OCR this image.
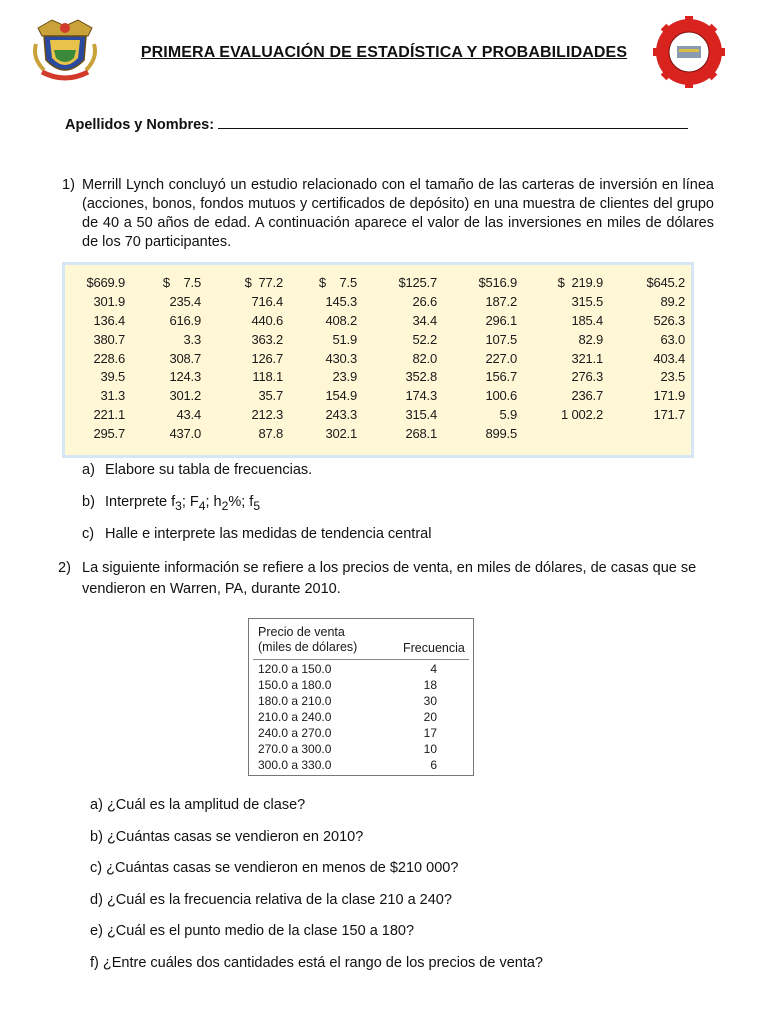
PRIMERA EVALUACIÓN DE ESTADÍSTICA Y PROBABILIDADES
Apellidos y Nombres:
1) Merrill Lynch concluyó un estudio relacionado con el tamaño de las carteras de inversión en línea (acciones, bonos, fondos mutuos y certificados de depósito) en una muestra de clientes del grupo de 40 a 50 años de edad. A continuación aparece el valor de las inversiones en miles de dólares de los 70 participantes.
$669.9	$    7.5	$  77.2	$    7.5	$125.7	$516.9	$  219.9	$645.2
301.9	235.4	716.4	145.3	26.6	187.2	315.5	89.2
136.4	616.9	440.6	408.2	34.4	296.1	185.4	526.3
380.7	3.3	363.2	51.9	52.2	107.5	82.9	63.0
228.6	308.7	126.7	430.3	82.0	227.0	321.1	403.4
39.5	124.3	118.1	23.9	352.8	156.7	276.3	23.5
31.3	301.2	35.7	154.9	174.3	100.6	236.7	171.9
221.1	43.4	212.3	243.3	315.4	5.9	1 002.2	171.7
295.7	437.0	87.8	302.1	268.1	899.5		
a) Elabore su tabla de frecuencias.
b) Interprete $f_3$; $F_4$; $h_2\%$; $f_5$
c) Halle e interprete las medidas de tendencia central
2) La siguiente información se refiere a los precios de venta, en miles de dólares, de casas que se vendieron en Warren, PA, durante 2010.
Precio de venta
(miles de dólares)	Frecuencia
120.0 a 150.0	4
150.0 a 180.0	18
180.0 a 210.0	30
210.0 a 240.0	20
240.0 a 270.0	17
270.0 a 300.0	10
300.0 a 330.0	6
a) ¿Cuál es la amplitud de clase?
b) ¿Cuántas casas se vendieron en 2010?
c) ¿Cuántas casas se vendieron en menos de $210 000?
d) ¿Cuál es la frecuencia relativa de la clase 210 a 240?
e) ¿Cuál es el punto medio de la clase 150 a 180?
f) ¿Entre cuáles dos cantidades está el rango de los precios de venta?
